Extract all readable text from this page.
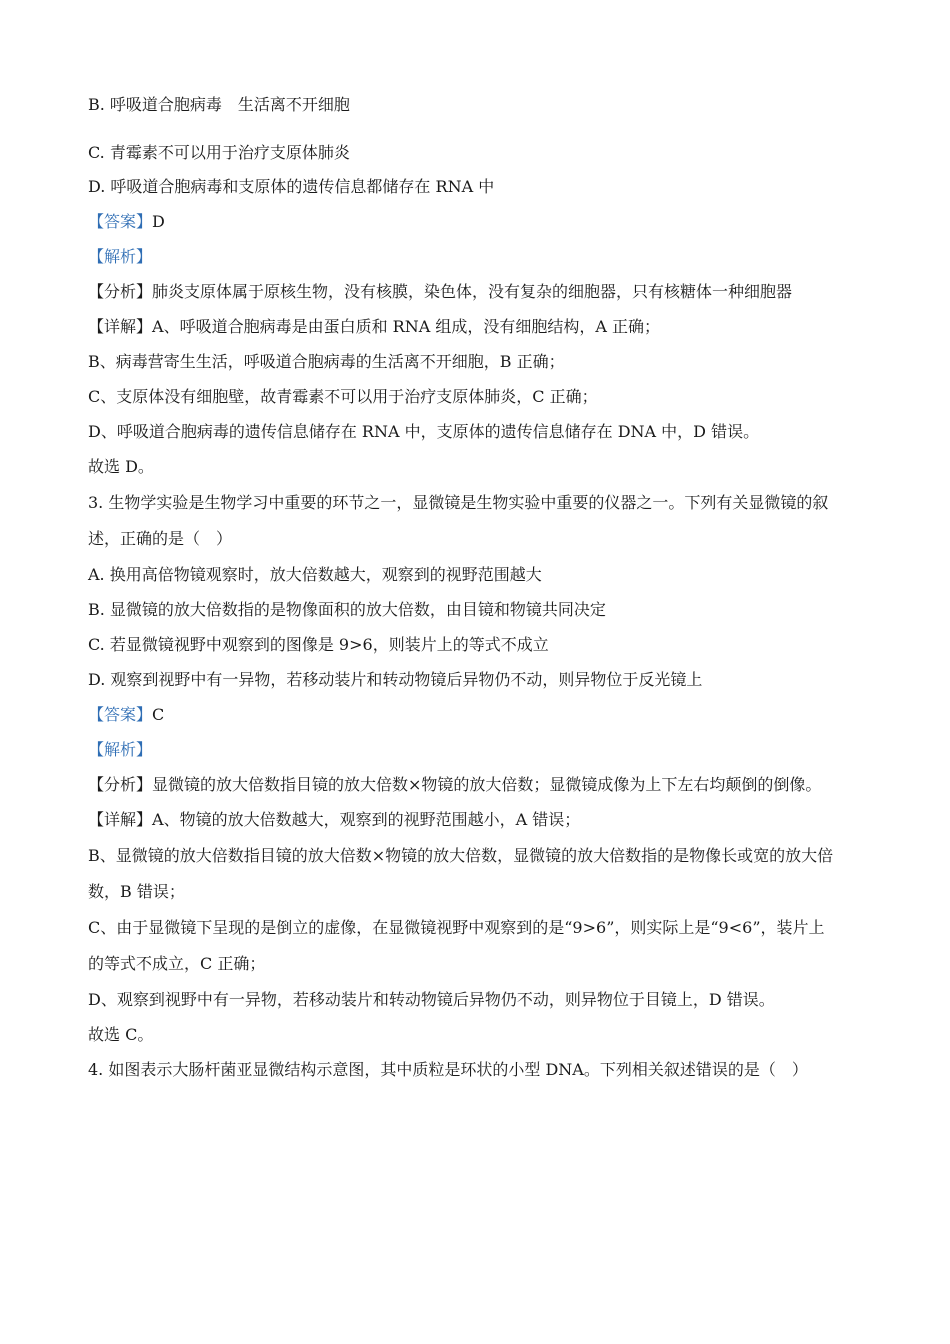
B. 呼吸道合胞病毒　生活离不开细胞
C. 青霉素不可以用于治疗支原体肺炎
D. 呼吸道合胞病毒和支原体的遗传信息都储存在 RNA 中
【答案】D
【解析】
【分析】肺炎支原体属于原核生物，没有核膜，染色体，没有复杂的细胞器，只有核糖体一种细胞器
【详解】A、呼吸道合胞病毒是由蛋白质和 RNA 组成，没有细胞结构，A 正确；
B、病毒营寄生生活，呼吸道合胞病毒的生活离不开细胞，B 正确；
C、支原体没有细胞壁，故青霉素不可以用于治疗支原体肺炎，C 正确；
D、呼吸道合胞病毒的遗传信息储存在 RNA 中，支原体的遗传信息储存在 DNA 中，D 错误。
故选 D。
3. 生物学实验是生物学习中重要的环节之一，显微镜是生物实验中重要的仪器之一。下列有关显微镜的叙
述，正确的是（　）
A. 换用高倍物镜观察时，放大倍数越大，观察到的视野范围越大
B. 显微镜的放大倍数指的是物像面积的放大倍数，由目镜和物镜共同决定
C. 若显微镜视野中观察到的图像是 9>6，则装片上的等式不成立
D. 观察到视野中有一异物，若移动装片和转动物镜后异物仍不动，则异物位于反光镜上
【答案】C
【解析】
【分析】显微镜的放大倍数指目镜的放大倍数×物镜的放大倍数；显微镜成像为上下左右均颠倒的倒像。
【详解】A、物镜的放大倍数越大，观察到的视野范围越小，A 错误；
B、显微镜的放大倍数指目镜的放大倍数×物镜的放大倍数，显微镜的放大倍数指的是物像长或宽的放大倍
数，B 错误；
C、由于显微镜下呈现的是倒立的虚像，在显微镜视野中观察到的是“9>6”，则实际上是“9<6”，装片上
的等式不成立，C 正确；
D、观察到视野中有一异物，若移动装片和转动物镜后异物仍不动，则异物位于目镜上，D 错误。
故选 C。
4. 如图表示大肠杆菌亚显微结构示意图，其中质粒是环状的小型 DNA。下列相关叙述错误的是（　）
